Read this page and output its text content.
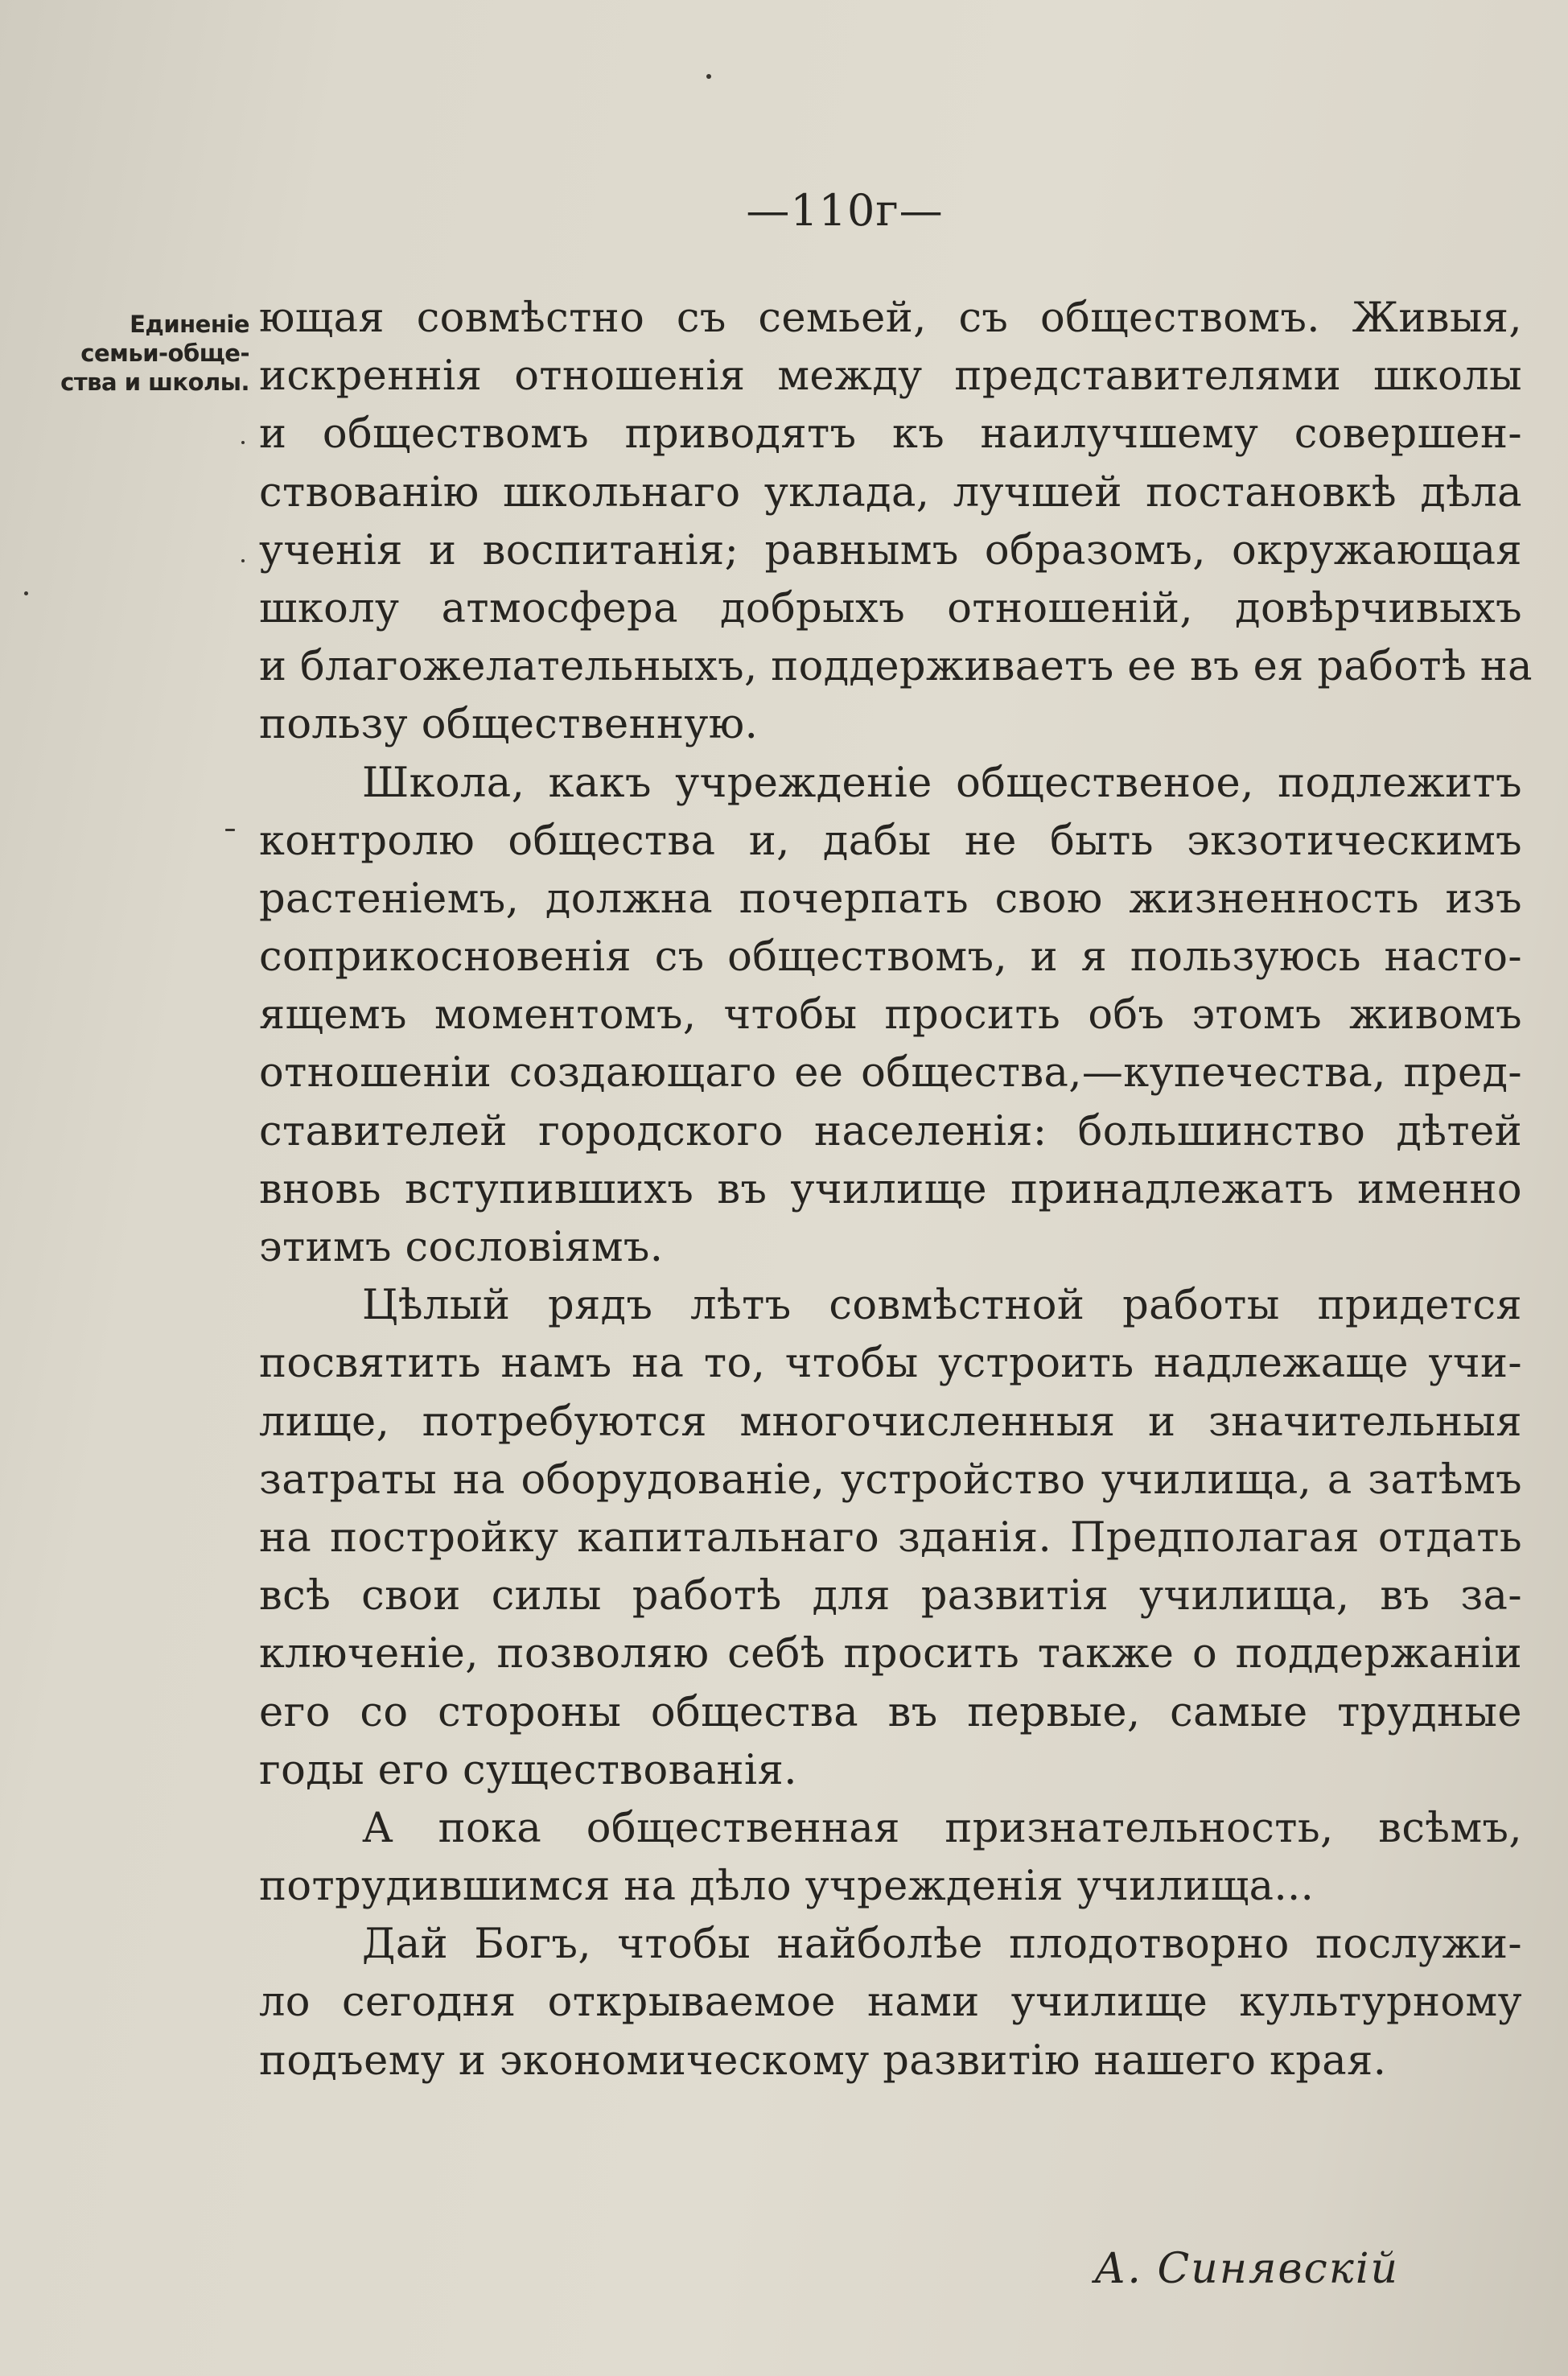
—110г—
Единеніе
семьи-обще-
ства и школы.
ющая совмѣстно съ семьей, съ обществомъ. Живыя,
искреннія отношенія между представителями школы
и обществомъ приводятъ къ наилучшему совершен-
ствованію школьнаго уклада, лучшей постановкѣ дѣла
ученія и воспитанія; равнымъ образомъ, окружающая
школу атмосфера добрыхъ отношеній, довѣрчивыхъ
и благожелательныхъ, поддерживаетъ ее въ ея работѣ на
пользу общественную.
Школа, какъ учрежденіе общественое, подлежитъ
контролю общества и, дабы не быть экзотическимъ
растеніемъ, должна почерпать свою жизненность изъ
соприкосновенія съ обществомъ, и я пользуюсь насто-
ящемъ моментомъ, чтобы просить объ этомъ живомъ
отношеніи создающаго ее общества,—купечества, пред-
ставителей городского населенія: большинство дѣтей
вновь вступившихъ въ училище принадлежатъ именно
этимъ сословіямъ.
Цѣлый рядъ лѣтъ совмѣстной работы придется
посвятить намъ на то, чтобы устроить надлежаще учи-
лище, потребуются многочисленныя и значительныя
затраты на оборудованіе, устройство училища, а затѣмъ
на постройку капитальнаго зданія. Предполагая отдать
всѣ свои силы работѣ для развитія училища, въ за-
ключеніе, позволяю себѣ просить также о поддержаніи
его со стороны общества въ первые, самые трудные
годы его существованія.
А пока общественная признательность, всѣмъ,
потрудившимся на дѣло учрежденія училища...
Дай Богъ, чтобы найболѣе плодотворно послужи-
ло сегодня открываемое нами училище культурному
подъему и экономическому развитію нашего края.
А. Синявскій
